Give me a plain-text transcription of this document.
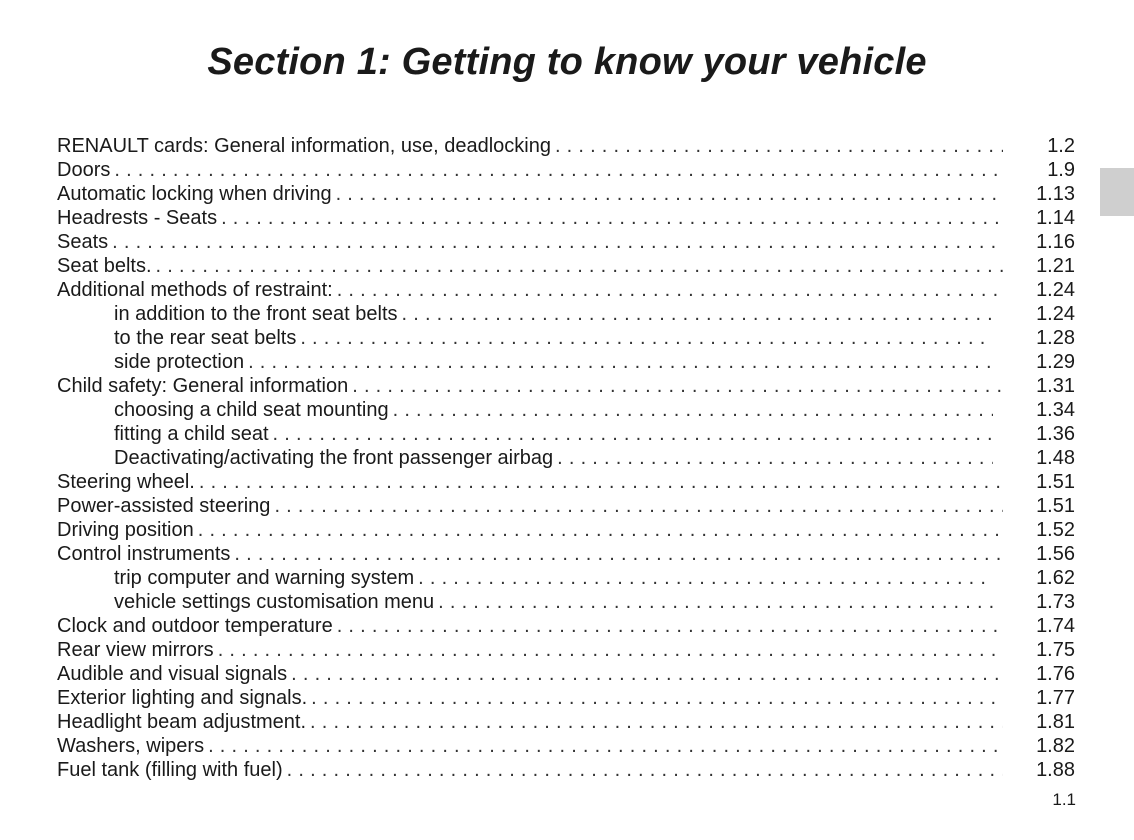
Section 1: Getting to know your vehicle
RENAULT cards: General information, use, deadlocking . . .	1.2
Doors . . .	1.9
Automatic locking when driving . . .	1.13
Headrests - Seats . . .	1.14
Seats . . .	1.16
Seat belts. . . .	1.21
Additional methods of restraint: . . .	1.24
in addition to the front seat belts . . .	1.24
to the rear seat belts . . .	1.28
side protection . . .	1.29
Child safety: General information . . .	1.31
choosing a child seat mounting . . .	1.34
fitting a child seat . . .	1.36
Deactivating/activating the front passenger airbag . . .	1.48
Steering wheel. . . .	1.51
Power-assisted steering . . .	1.51
Driving position . . .	1.52
Control instruments . . .	1.56
trip computer and warning system . . .	1.62
vehicle settings customisation menu . . .	1.73
Clock and outdoor temperature . . .	1.74
Rear view mirrors . . .	1.75
Audible and visual signals . . .	1.76
Exterior lighting and signals. . . .	1.77
Headlight beam adjustment. . . .	1.81
Washers, wipers . . .	1.82
Fuel tank (filling with fuel) . . .	1.88
1.1
